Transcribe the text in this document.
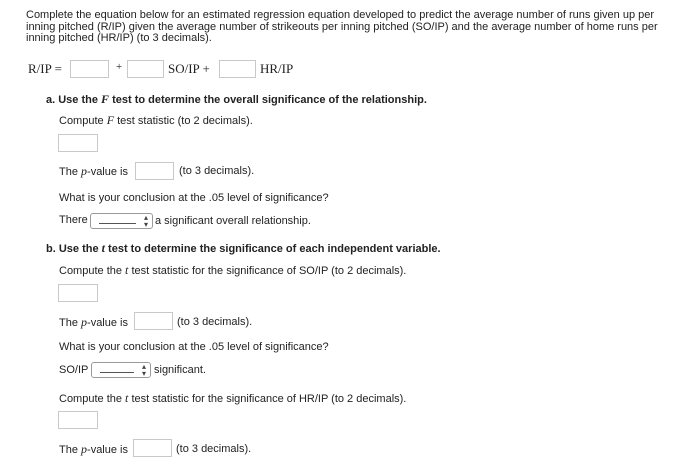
Complete the equation below for an estimated regression equation developed to predict the average number of runs given up per inning pitched (R/IP) given the average number of strikeouts per inning pitched (SO/IP) and the average number of home runs per inning pitched (HR/IP) (to 3 decimals).
R/IP =	+	SO/IP +	HR/IP
a. Use the F test to determine the overall significance of the relationship.
Compute F test statistic (to 2 decimals).
The p-value is	(to 3 decimals).
What is your conclusion at the .05 level of significance?
There	▴
▾ a significant overall relationship.
b. Use the t test to determine the significance of each independent variable.
Compute the t test statistic for the significance of SO/IP (to 2 decimals).
The p-value is	(to 3 decimals).
What is your conclusion at the .05 level of significance?
SO/IP	▴
▾ significant.
Compute the t test statistic for the significance of HR/IP (to 2 decimals).
The p-value is	(to 3 decimals).
